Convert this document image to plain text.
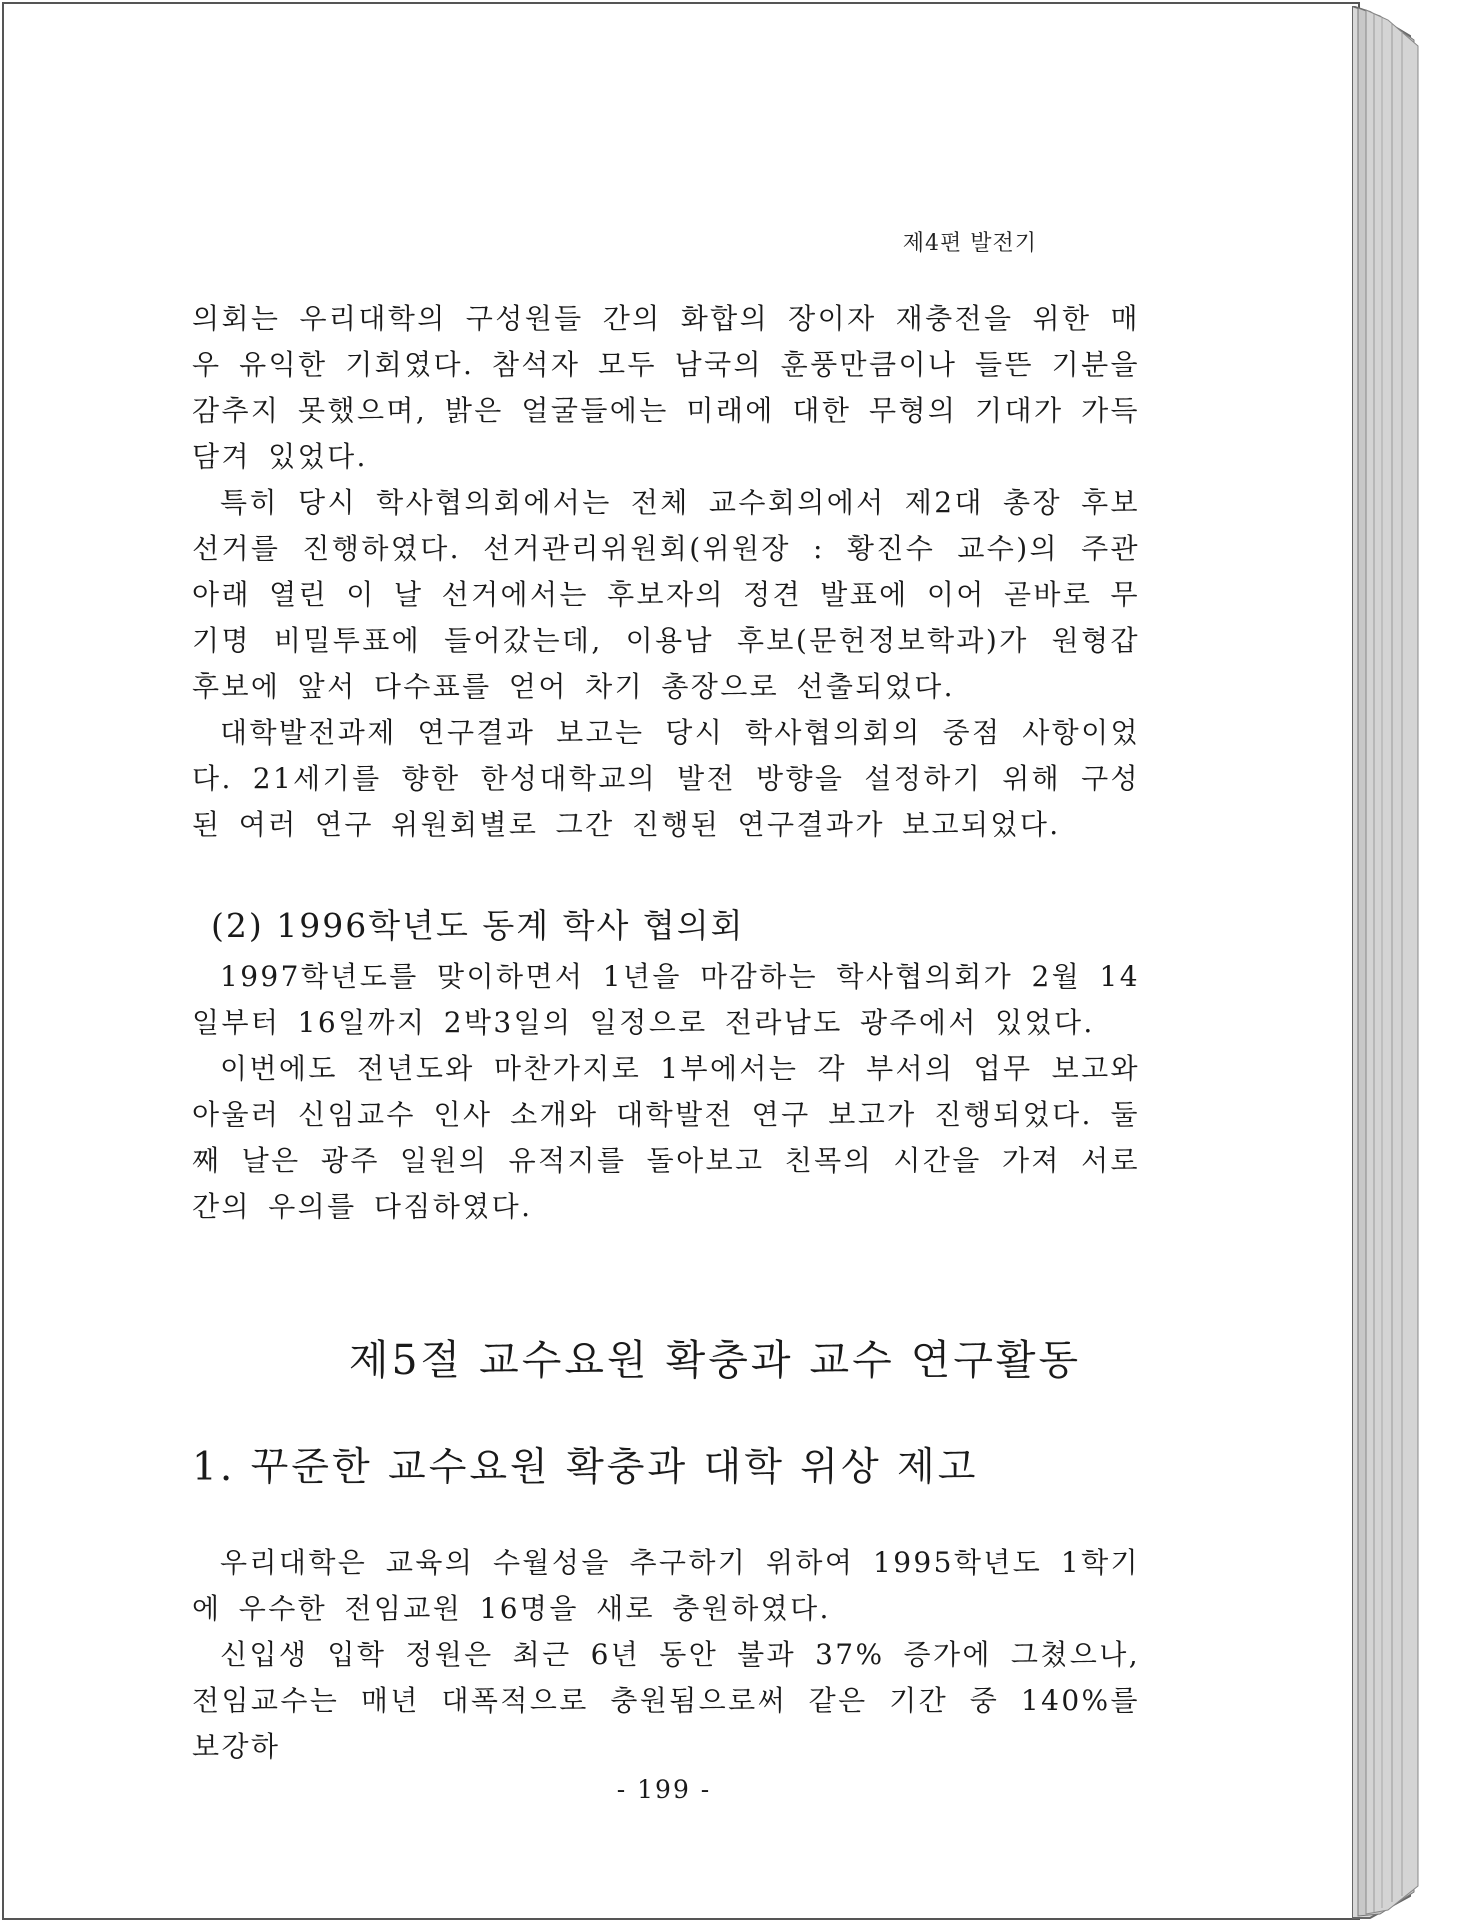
제4편 발전기

의회는 우리대학의 구성원들 간의 화합의 장이자 재충전을 위한 매우 유익한 기회였다. 참석자 모두 남국의 훈풍만큼이나 들뜬 기분을 감추지 못했으며, 밝은 얼굴들에는 미래에 대한 무형의 기대가 가득 담겨 있었다.

특히 당시 학사협의회에서는 전체 교수회의에서 제2대 총장 후보 선거를 진행하였다. 선거관리위원회(위원장 : 황진수 교수)의 주관 아래 열린 이 날 선거에서는 후보자의 정견 발표에 이어 곧바로 무기명 비밀투표에 들어갔는데, 이용남 후보(문헌정보학과)가 원형갑 후보에 앞서 다수표를 얻어 차기 총장으로 선출되었다.

대학발전과제 연구결과 보고는 당시 학사협의회의 중점 사항이었다. 21세기를 향한 한성대학교의 발전 방향을 설정하기 위해 구성된 여러 연구 위원회별로 그간 진행된 연구결과가 보고되었다.

(2) 1996학년도 동계 학사 협의회

1997학년도를 맞이하면서 1년을 마감하는 학사협의회가 2월 14일부터 16일까지 2박3일의 일정으로 전라남도 광주에서 있었다.

이번에도 전년도와 마찬가지로 1부에서는 각 부서의 업무 보고와 아울러 신임교수 인사 소개와 대학발전 연구 보고가 진행되었다. 둘째 날은 광주 일원의 유적지를 돌아보고 친목의 시간을 가져 서로간의 우의를 다짐하였다.

제5절 교수요원 확충과 교수 연구활동
1. 꾸준한 교수요원 확충과 대학 위상 제고

우리대학은 교육의 수월성을 추구하기 위하여 1995학년도 1학기에 우수한 전임교원 16명을 새로 충원하였다.

신입생 입학 정원은 최근 6년 동안 불과 37% 증가에 그쳤으나, 전임교수는 매년 대폭적으로 충원됨으로써 같은 기간 중 140%를 보강하

- 199 -
